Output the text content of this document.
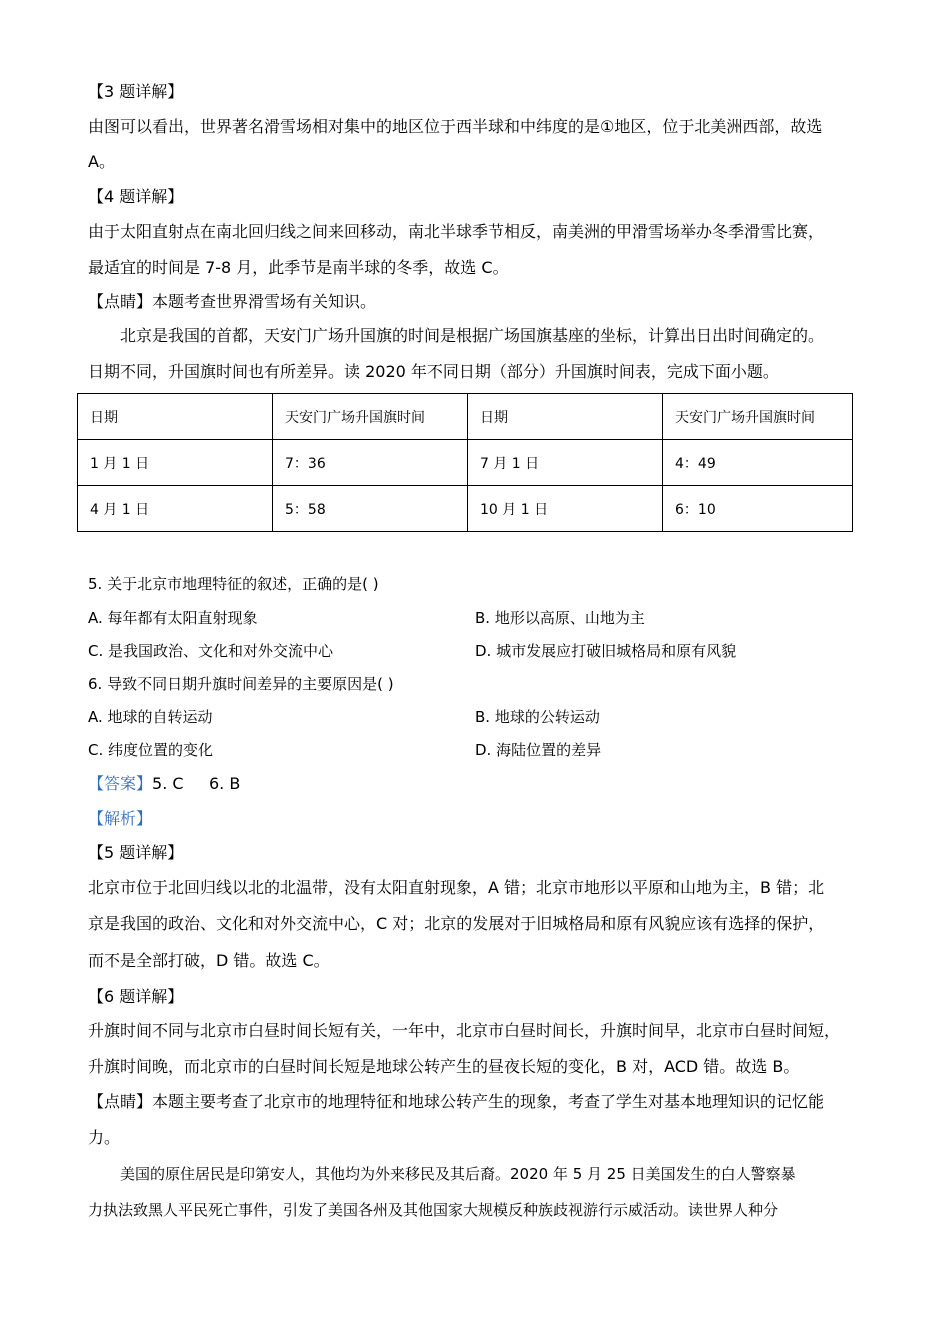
【3 题详解】
由图可以看出，世界著名滑雪场相对集中的地区位于西半球和中纬度的是①地区，位于北美洲西部，故选
A。
【4 题详解】
由于太阳直射点在南北回归线之间来回移动，南北半球季节相反，南美洲的甲滑雪场举办冬季滑雪比赛，
最适宜的时间是 7-8 月，此季节是南半球的冬季，故选 C。
【点睛】本题考查世界滑雪场有关知识。
北京是我国的首都，天安门广场升国旗的时间是根据广场国旗基座的坐标，计算出日出时间确定的。
日期不同，升国旗时间也有所差异。读 2020 年不同日期（部分）升国旗时间表，完成下面小题。
日期	天安门广场升国旗时间	日期	天安门广场升国旗时间
1 月 1 日	7：36	7 月 1 日	4：49
4 月 1 日	5：58	10 月 1 日	6：10
5. 关于北京市地理特征的叙述，正确的是( )
A. 每年都有太阳直射现象	B. 地形以高原、山地为主
C. 是我国政治、文化和对外交流中心	D. 城市发展应打破旧城格局和原有风貌
6. 导致不同日期升旗时间差异的主要原因是( )
A. 地球的自转运动	B. 地球的公转运动
C. 纬度位置的变化	D. 海陆位置的差异
【答案】5. C     6. B
【解析】
【5 题详解】
北京市位于北回归线以北的北温带，没有太阳直射现象，A 错；北京市地形以平原和山地为主，B 错；北
京是我国的政治、文化和对外交流中心，C 对；北京的发展对于旧城格局和原有风貌应该有选择的保护，
而不是全部打破，D 错。故选 C。
【6 题详解】
升旗时间不同与北京市白昼时间长短有关，一年中，北京市白昼时间长，升旗时间早，北京市白昼时间短，
升旗时间晚，而北京市的白昼时间长短是地球公转产生的昼夜长短的变化，B 对，ACD 错。故选 B。
【点睛】本题主要考查了北京市的地理特征和地球公转产生的现象，考查了学生对基本地理知识的记忆能
力。
美国的原住居民是印第安人，其他均为外来移民及其后裔。2020 年 5 月 25 日美国发生的白人警察暴
力执法致黑人平民死亡事件，引发了美国各州及其他国家大规模反种族歧视游行示威活动。读世界人种分
